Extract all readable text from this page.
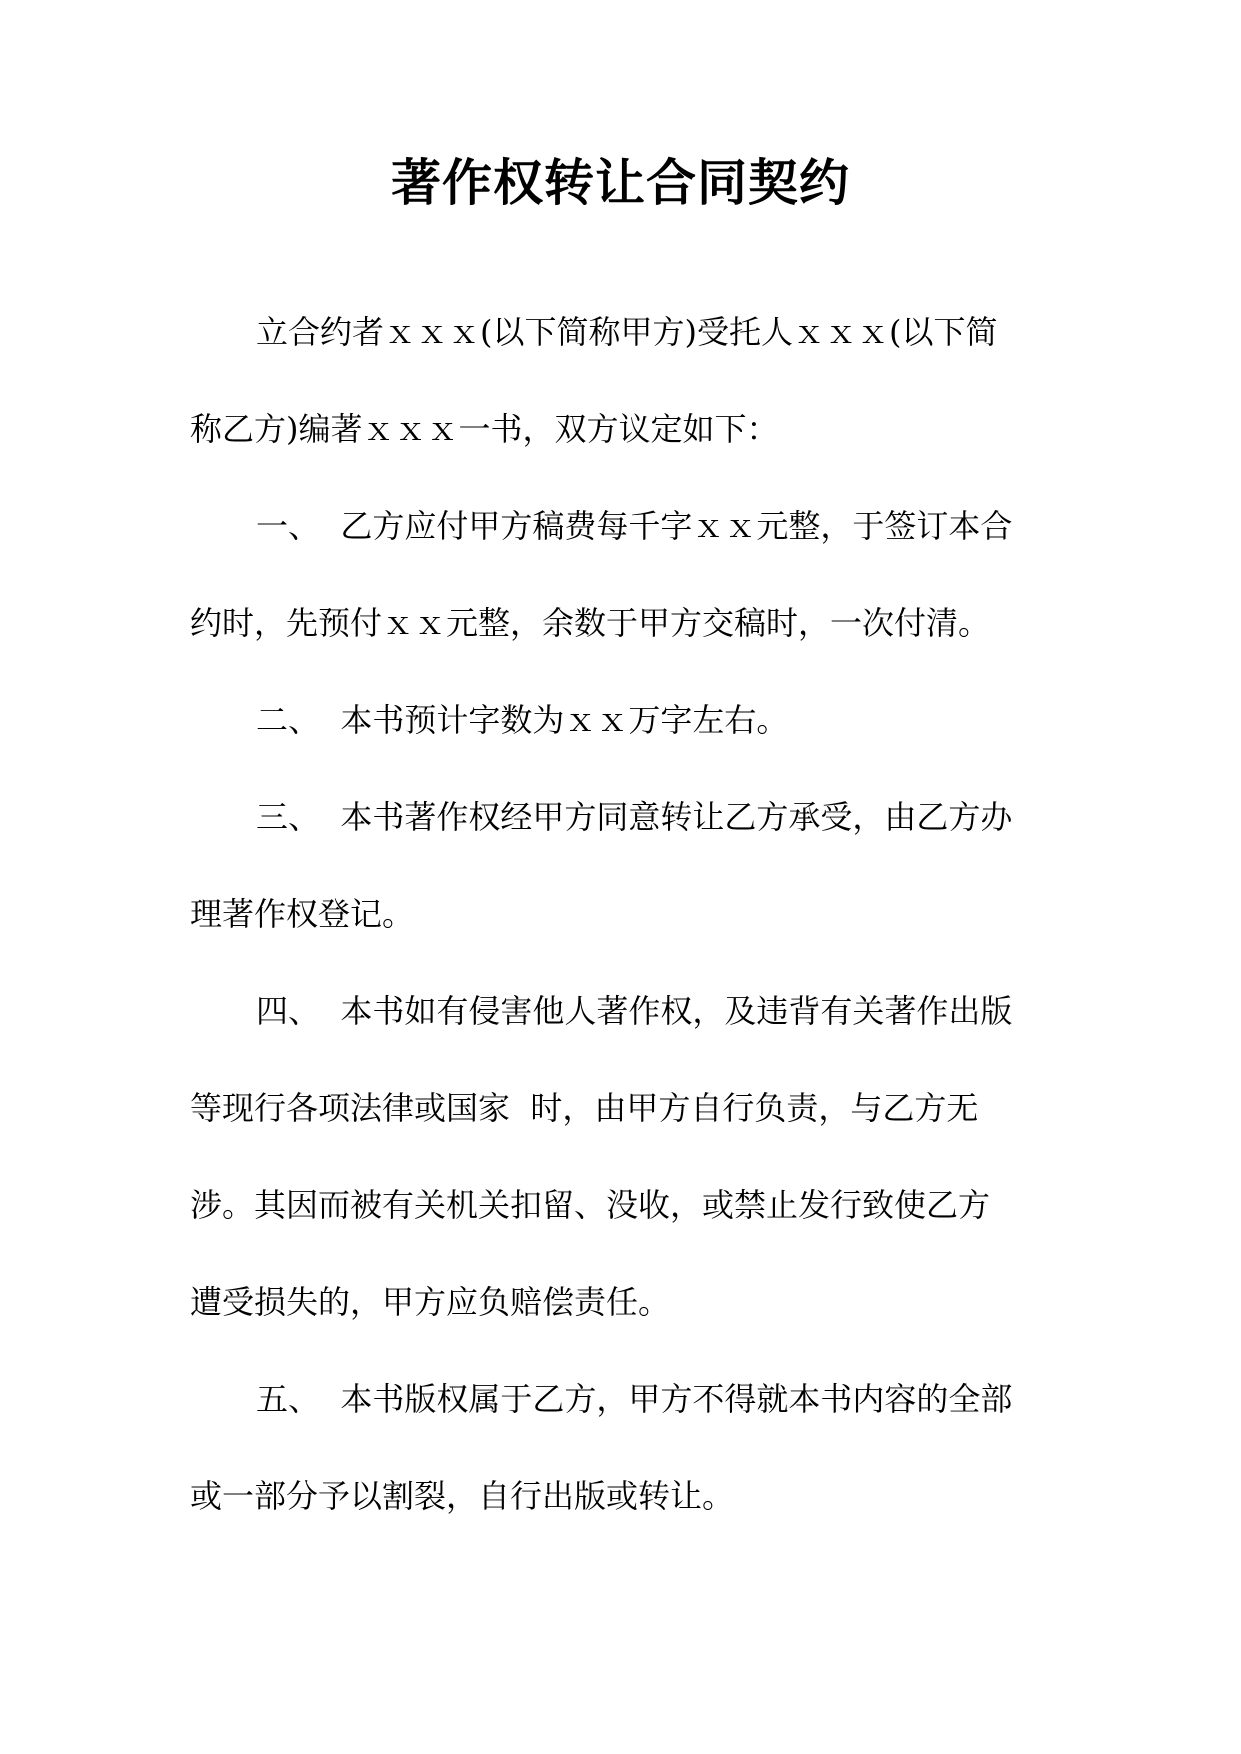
著作权转让合同契约

立合约者ｘｘｘ(以下简称甲方)受托人ｘｘｘ(以下简

称乙方)编著ｘｘｘ一书，双方议定如下：

一、  乙方应付甲方稿费每千字ｘｘ元整，于签订本合

约时，先预付ｘｘ元整，余数于甲方交稿时，一次付清。

二、  本书预计字数为ｘｘ万字左右。

三、  本书著作权经甲方同意转让乙方承受，由乙方办

理著作权登记。

四、  本书如有侵害他人著作权，及违背有关著作出版

等现行各项法律或国家  时，由甲方自行负责，与乙方无

涉。其因而被有关机关扣留、没收，或禁止发行致使乙方

遭受损失的，甲方应负赔偿责任。

五、  本书版权属于乙方，甲方不得就本书内容的全部

或一部分予以割裂，自行出版或转让。
